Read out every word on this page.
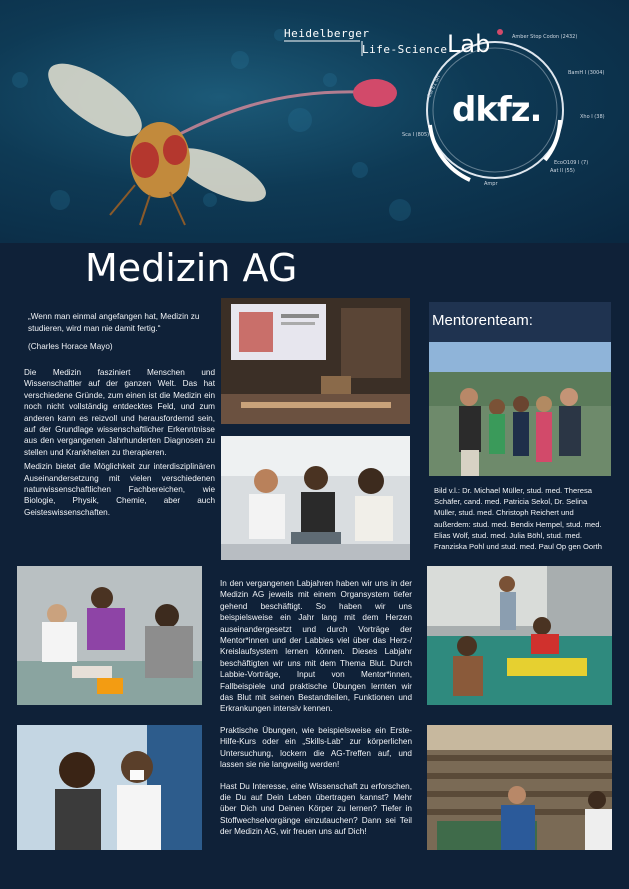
Amber Stop Codon (2432)
BamH I (3004)
Xho I (38)
EcoO109 I (7)
Aat II (55)
Ampr
Sca I (805)
Col E1 ori
Heidelberger
Life-Science Lab
dkfz.
Medizin AG
„Wenn man einmal angefangen hat, Medizin zu studieren, wird man nie damit fertig.“
(Charles Horace Mayo)

Die Medizin fasziniert Menschen und Wissenschaftler auf der ganzen Welt. Das hat verschiedene Gründe, zum einen ist die Medizin ein noch nicht vollständig entdecktes Feld, und zum anderen kann es reizvoll und herausfordernd sein, auf der Grundlage wissenschaftlicher Erkenntnisse aus den vergangenen Jahrhunderten Diagnosen zu stellen und Krankheiten zu therapieren.

Medizin bietet die Möglichkeit zur interdisziplinären Auseinandersetzung mit vielen verschiedenen naturwissenschaftlichen Fachbereichen, wie Biologie, Physik, Chemie, aber auch Geisteswissenschaften.

Mentorenteam:
Bild v.l.: Dr. Michael Müller, stud. med. Theresa Schäfer, cand. med. Patricia Sekol, Dr. Selina Müller, stud. med. Christoph Reichert und außerdem: stud. med. Bendix Hempel, stud. med. Elias Wolf, stud. med. Julia Böhl, stud. med. Franziska Pohl und stud. med. Paul Op gen Oorth

In den vergangenen Labjahren haben wir uns in der Medizin AG jeweils mit einem Organsystem tiefer gehend beschäftigt. So haben wir uns beispielsweise ein Jahr lang mit dem Herzen auseinandergesetzt und durch Vorträge der Mentor*innen und der Labbies viel über das Herz-/ Kreislaufsystem lernen können. Dieses Labjahr beschäftigten wir uns mit dem Thema Blut. Durch Labbie-Vorträge, Input von Mentor*innen, Fallbeispiele und praktische Übungen lernten wir das Blut mit seinen Bestandteilen, Funktionen und Erkrankungen intensiv kennen.

Praktische Übungen, wie beispielsweise ein Erste-Hilfe-Kurs oder ein „Skills-Lab“ zur körperlichen Untersuchung, lockern die AG-Treffen auf, und lassen sie nie langweilig werden!

Hast Du Interesse, eine Wissenschaft zu erforschen, die Du auf Dein Leben übertragen kannst? Mehr über Dich und Deinen Körper zu lernen? Tiefer in Stoffwechselvorgänge einzutauchen? Dann sei Teil der Medizin AG, wir freuen uns auf Dich!
